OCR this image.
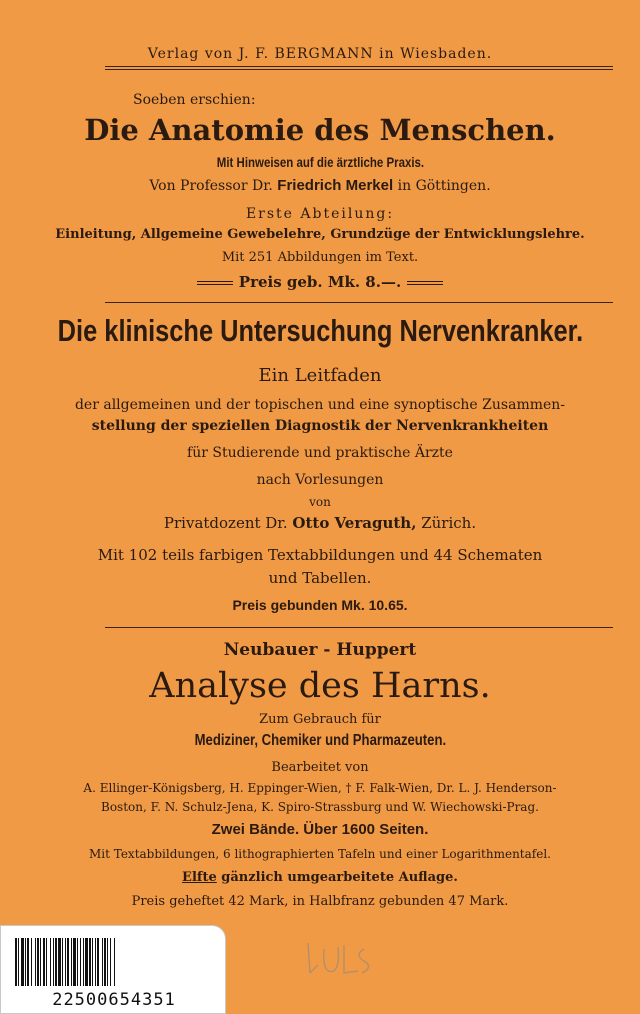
Verlag von J. F. BERGMANN in Wiesbaden.
Soeben erschien:
Die Anatomie des Menschen.
Mit Hinweisen auf die ärztliche Praxis.
Von Professor Dr. Friedrich Merkel in Göttingen.
Erste Abteilung:
Einleitung, Allgemeine Gewebelehre, Grundzüge der Entwicklungslehre.
Mit 251 Abbildungen im Text.
Preis geb. Mk. 8.—.
Die klinische Untersuchung Nervenkranker.
Ein Leitfaden
der allgemeinen und der topischen und eine synoptische Zusammen-
stellung der speziellen Diagnostik der Nervenkrankheiten
für Studierende und praktische Ärzte
nach Vorlesungen
von
Privatdozent Dr. Otto Veraguth, Zürich.
Mit 102 teils farbigen Textabbildungen und 44 Schematen
und Tabellen.
Preis gebunden Mk. 10.65.
Neubauer - Huppert
Analyse des Harns.
Zum Gebrauch für
Mediziner, Chemiker und Pharmazeuten.
Bearbeitet von
A. Ellinger-Königsberg, H. Eppinger-Wien, † F. Falk-Wien, Dr. L. J. Henderson-
Boston, F. N. Schulz-Jena, K. Spiro-Strassburg und W. Wiechowski-Prag.
Zwei Bände. Über 1600 Seiten.
Mit Textabbildungen, 6 lithographierten Tafeln und einer Logarithmentafel.
Elfte gänzlich umgearbeitete Auflage.
Preis geheftet 42 Mark, in Halbfranz gebunden 47 Mark.
22500654351
